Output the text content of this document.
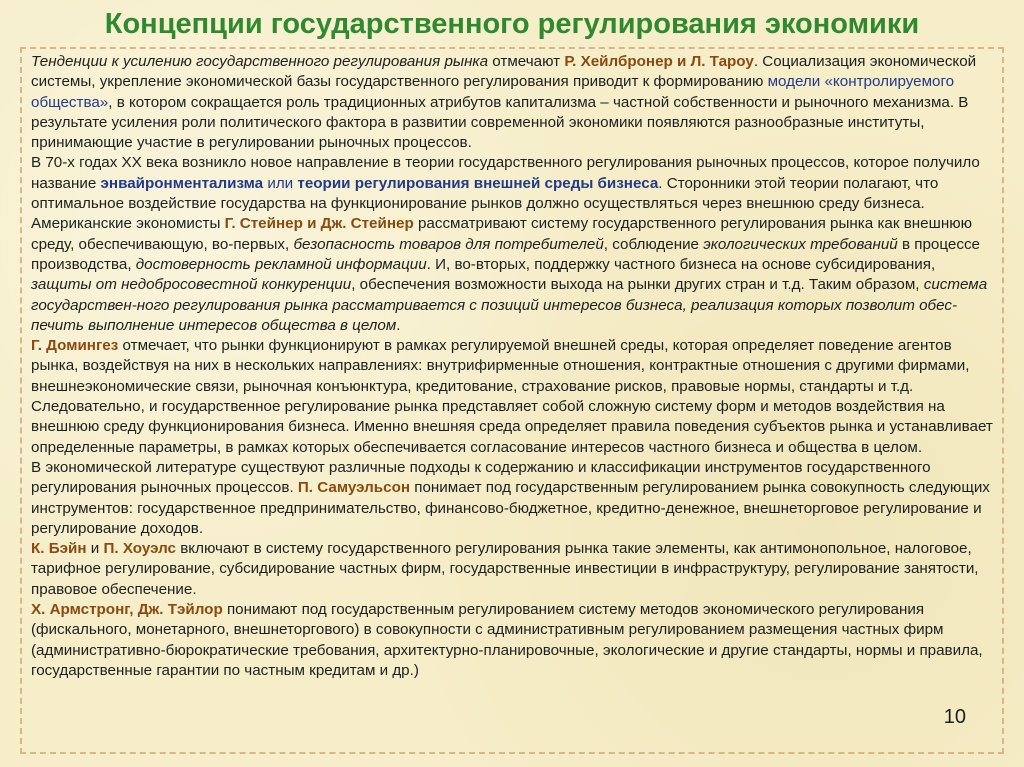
Концепции государственного регулирования экономики

Тенденции к усилению государственного регулирования рынка отмечают Р. Хейлбронер и Л. Тароу. Социализация экономической системы, укрепление экономической базы государственного регулирования приводит к формированию модели «контролируемого общества», в котором сокращается роль традиционных атрибутов капитализма – частной собственности и рыночного механизма. В результате усиления роли политического фактора в развитии современной экономики появляются разнообразные институты, принимающие участие в регулировании рыночных процессов.

В 70-х годах XX века возникло новое направление в теории государственного регулирования рыночных процессов, которое получило название энвайронментализма или теории регулирования внешней среды бизнеса. Сторонники этой теории полагают, что оптимальное воздействие государства на функционирование рынков должно осуществляться через внешнюю среду бизнеса. Американские экономисты Г. Стейнер и Дж. Стейнер рассматривают систему государственного регулирования рынка как внешнюю среду, обеспечивающую, во-первых, безопасность товаров для потребителей, соблюдение экологических требований в процессе производства, достоверность рекламной информации. И, во-вторых, поддержку частного бизнеса на основе субсидирования, защиты от недобросовестной конкуренции, обеспечения возможности выхода на рынки других стран и т.д. Таким образом, система государствен-ного регулирования рынка рассматривается с позиций интересов бизнеса, реализация которых позволит обес-печить выполнение интересов общества в целом.

Г. Домингез отмечает, что рынки функционируют в рамках регулируемой внешней среды, которая определяет поведение агентов рынка, воздействуя на них в нескольких направлениях: внутрифирменные отношения, контрактные отношения с другими фирмами, внешнеэкономические связи, рыночная конъюнктура, кредитование, страхование рисков, правовые нормы, стандарты и т.д. Следовательно, и государственное регулирование рынка представляет собой сложную систему форм и методов воздействия на внешнюю среду функционирования бизнеса. Именно внешняя среда определяет правила поведения субъектов рынка и устанавливает определенные параметры, в рамках которых обеспечивается согласование интересов частного бизнеса и общества в целом.

В экономической литературе существуют различные подходы к содержанию и классификации инструментов государственного регулирования рыночных процессов. П. Самуэльсон понимает под государственным регулированием рынка совокупность следующих инструментов: государственное предпринимательство, финансово-бюджетное, кредитно-денежное, внешнеторговое регулирование и регулирование доходов.

К. Бэйн и П. Хоуэлс включают в систему государственного регулирования рынка такие элементы, как антимонопольное, налоговое, тарифное регулирование, субсидирование частных фирм, государственные инвестиции в инфраструктуру, регулирование занятости, правовое обеспечение.

Х. Армстронг, Дж. Тэйлор понимают под государственным регулированием систему методов экономического регулирования (фискального, монетарного, внешнеторгового) в совокупности с административным регулированием размещения частных фирм (административно-бюрократические требования, архитектурно-планировочные, экологические и другие стандарты, нормы и правила, государственные гарантии по частным кредитам и др.)

10
